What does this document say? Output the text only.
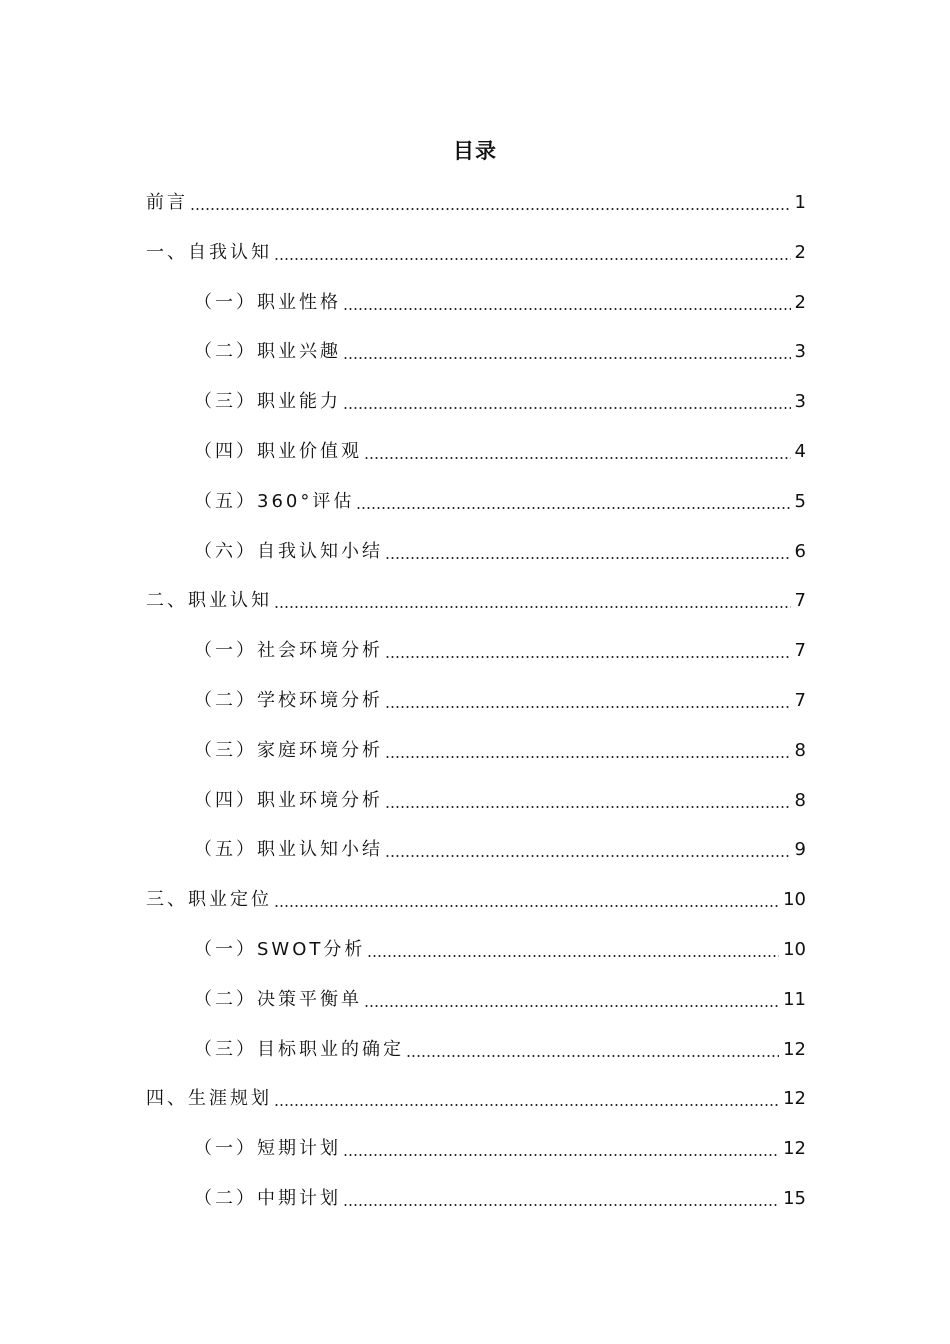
目录
前言	1
一、自我认知	2
（一）职业性格	2
（二）职业兴趣	3
（三）职业能力	3
（四）职业价值观	4
（五）360°评估	5
（六）自我认知小结	6
二、职业认知	7
（一）社会环境分析	7
（二）学校环境分析	7
（三）家庭环境分析	8
（四）职业环境分析	8
（五）职业认知小结	9
三、职业定位	10
（一）SWOT分析	10
（二）决策平衡单	11
（三）目标职业的确定	12
四、生涯规划	12
（一）短期计划	12
（二）中期计划	15
